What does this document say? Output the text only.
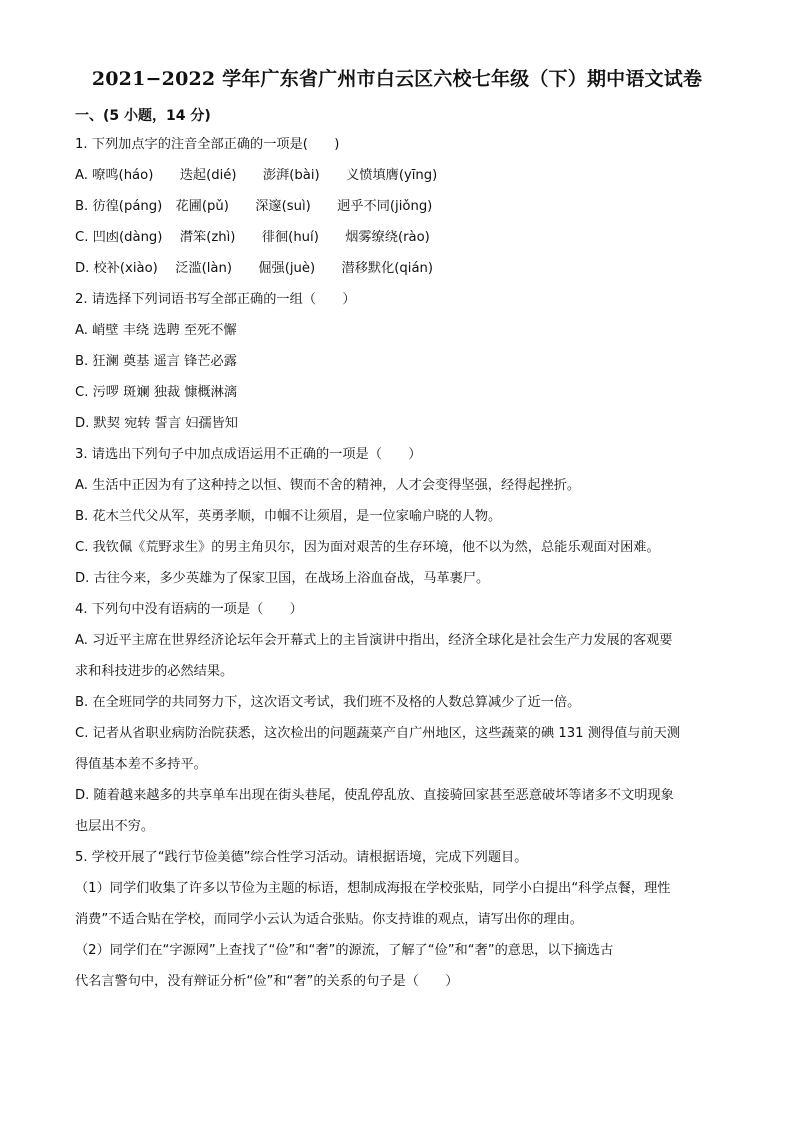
2021−2022 学年广东省广州市白云区六校七年级（下）期中语文试卷
一、(5 小题，14 分)
1. 下列加点字的注音全部正确的一项是(　　)
A. 嘹鸣(háo)　　迭起(dié)　　澎湃(bài)　　义愤填膺(yīng)
B. 彷徨(páng)　花圃(pǔ)　　深邃(suì)　　迥乎不同(jiǒng)
C. 凹凼(dàng)　 潸笨(zhì)　　徘徊(huí)　　烟雾缭绕(rào)
D. 校补(xiào)　 泛滥(làn)　　倔强(juè)　　潜移默化(qián)
2. 请选择下列词语书写全部正确的一组（　　）
A. 峭壁 丰绕 选聘 至死不懈
B. 狂澜 奠基 遥言 锋芒必露
C. 污啰 斑斓 独裁 慷概淋漓
D. 默契 宛转 誓言 妇孺皆知
3. 请选出下列句子中加点成语运用不正确的一项是（　　）
A. 生活中正因为有了这种持之以恒、锲而不舍的精神，人才会变得坚强，经得起挫折。
B. 花木兰代父从军，英勇孝顺，巾帼不让须眉，是一位家喻户晓的人物。
C. 我钦佩《荒野求生》的男主角贝尔，因为面对艰苦的生存环境，他不以为然，总能乐观面对困难。
D. 古往今来，多少英雄为了保家卫国，在战场上浴血奋战，马革裹尸。
4. 下列句中没有语病的一项是（　　）
A. 习近平主席在世界经济论坛年会开幕式上的主旨演讲中指出，经济全球化是社会生产力发展的客观要
求和科技进步的必然结果。
B. 在全班同学的共同努力下，这次语文考试，我们班不及格的人数总算减少了近一倍。
C. 记者从省职业病防治院获悉，这次检出的问题蔬菜产自广州地区，这些蔬菜的碘 131 测得值与前天测
得值基本差不多持平。
D. 随着越来越多的共享单车出现在街头巷尾，使乱停乱放、直接骑回家甚至恶意破坏等诸多不文明现象
也层出不穷。
5. 学校开展了“践行节俭美德”综合性学习活动。请根据语境，完成下列题目。
（1）同学们收集了许多以节俭为主题的标语，想制成海报在学校张贴，同学小白提出“科学点餐，理性
消费”不适合贴在学校，而同学小云认为适合张贴。你支持谁的观点，请写出你的理由。
（2）同学们在“字源网”上查找了“俭”和“奢”的源流，了解了“俭”和“奢”的意思，以下摘选古
代名言警句中，没有辩证分析“俭”和“奢”的关系的句子是（　　）
